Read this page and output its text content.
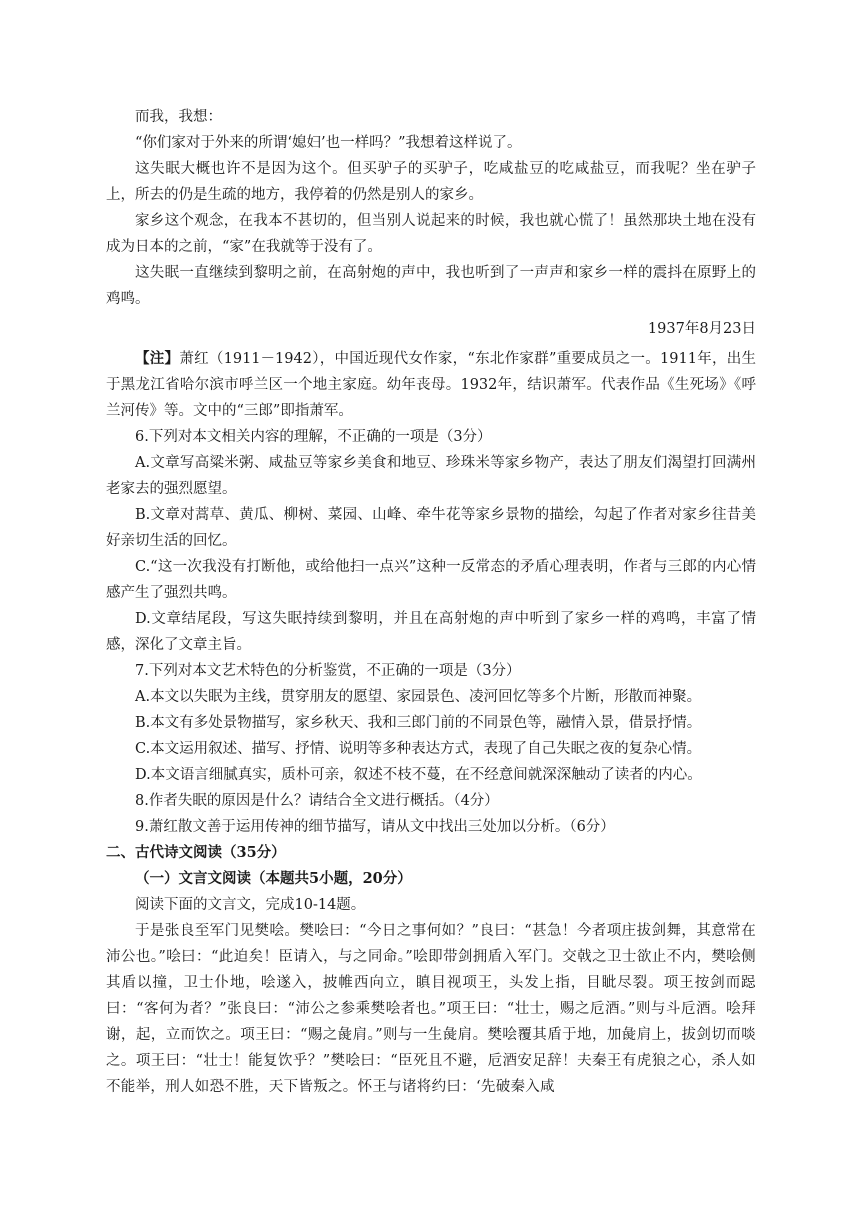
而我，我想：

“你们家对于外来的所谓‘媳妇’也一样吗？”我想着这样说了。

这失眠大概也许不是因为这个。但买驴子的买驴子，吃咸盐豆的吃咸盐豆，而我呢？坐在驴子上，所去的仍是生疏的地方，我停着的仍然是别人的家乡。

家乡这个观念，在我本不甚切的，但当别人说起来的时候，我也就心慌了！虽然那块土地在没有成为日本的之前，“家”在我就等于没有了。

这失眠一直继续到黎明之前，在高射炮的声中，我也听到了一声声和家乡一样的震抖在原野上的鸡鸣。

1937年8月23日

【注】萧红（1911－1942），中国近现代女作家，“东北作家群”重要成员之一。1911年，出生于黑龙江省哈尔滨市呼兰区一个地主家庭。幼年丧母。1932年，结识萧军。代表作品《生死场》《呼兰河传》等。文中的“三郎”即指萧军。

6.下列对本文相关内容的理解，不正确的一项是（3分）

A.文章写高粱米粥、咸盐豆等家乡美食和地豆、珍珠米等家乡物产，表达了朋友们渴望打回满州老家去的强烈愿望。

B.文章对蒿草、黄瓜、柳树、菜园、山峰、牵牛花等家乡景物的描绘，勾起了作者对家乡往昔美好亲切生活的回忆。

C.“这一次我没有打断他，或给他扫一点兴”这种一反常态的矛盾心理表明，作者与三郎的内心情感产生了强烈共鸣。

D.文章结尾段，写这失眠持续到黎明，并且在高射炮的声中听到了家乡一样的鸡鸣，丰富了情感，深化了文章主旨。

7.下列对本文艺术特色的分析鉴赏，不正确的一项是（3分）

A.本文以失眠为主线，贯穿朋友的愿望、家园景色、凌河回忆等多个片断，形散而神聚。

B.本文有多处景物描写，家乡秋天、我和三郎门前的不同景色等，融情入景，借景抒情。

C.本文运用叙述、描写、抒情、说明等多种表达方式，表现了自己失眠之夜的复杂心情。

D.本文语言细腻真实，质朴可亲，叙述不枝不蔓，在不经意间就深深触动了读者的内心。

8.作者失眠的原因是什么？请结合全文进行概括。（4分）

9.萧红散文善于运用传神的细节描写，请从文中找出三处加以分析。（6分）

二、古代诗文阅读（35分）

（一）文言文阅读（本题共5小题，20分）

阅读下面的文言文，完成10-14题。

于是张良至军门见樊哙。樊哙曰：“今日之事何如？”良曰：“甚急！今者项庄拔剑舞，其意常在沛公也。”哙曰：“此迫矣！臣请入，与之同命。”哙即带剑拥盾入军门。交戟之卫士欲止不内，樊哙侧其盾以撞，卫士仆地，哙遂入，披帷西向立，瞋目视项王，头发上指，目眦尽裂。项王按剑而跽曰：“客何为者？”张良曰：“沛公之参乘樊哙者也。”项王曰：“壮士，赐之卮酒。”则与斗卮酒。哙拜谢，起，立而饮之。项王曰：“赐之彘肩。”则与一生彘肩。樊哙覆其盾于地，加彘肩上，拔剑切而啖之。项王曰：“壮士！能复饮乎？”樊哙曰：“臣死且不避，卮酒安足辞！夫秦王有虎狼之心，杀人如不能举，刑人如恐不胜，天下皆叛之。怀王与诸将约曰：‘先破秦入咸
